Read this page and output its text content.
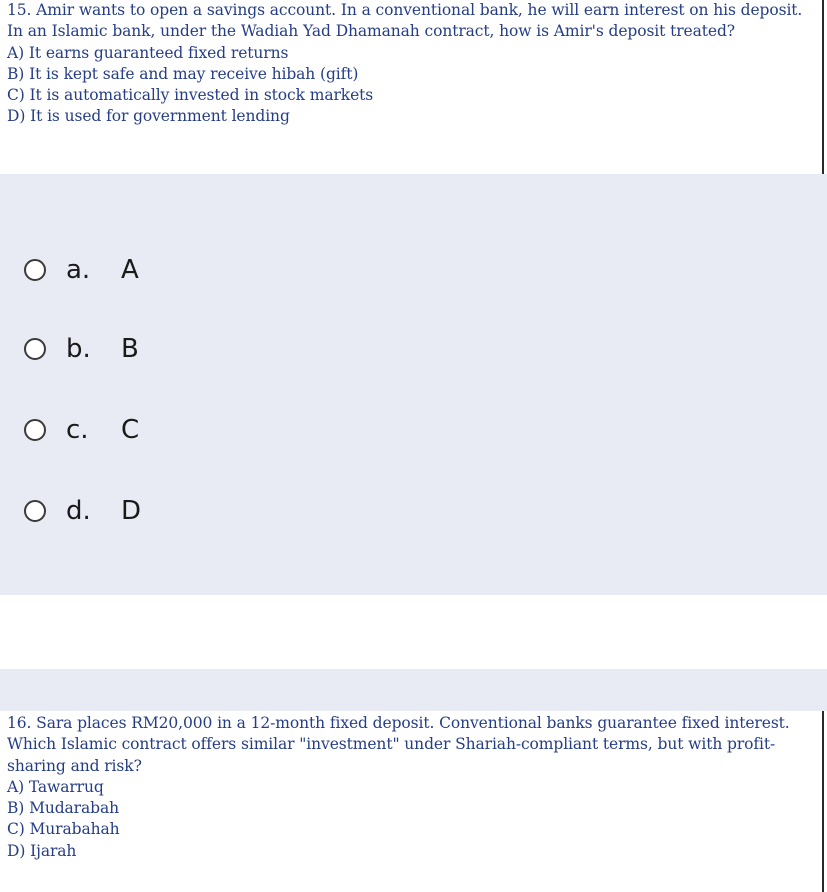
15. Amir wants to open a savings account. In a conventional bank, he will earn interest on his deposit. In an Islamic bank, under the Wadiah Yad Dhamanah contract, how is Amir's deposit treated?

A) It earns guaranteed fixed returns

B) It is kept safe and may receive hibah (gift)

C) It is automatically invested in stock markets

D) It is used for government lending

a.	A
b.	B
c.	C
d.	D

16. Sara places RM20,000 in a 12-month fixed deposit. Conventional banks guarantee fixed interest. Which Islamic contract offers similar "investment" under Shariah-compliant terms, but with profit-sharing and risk?

A) Tawarruq

B) Mudarabah

C) Murabahah

D) Ijarah
